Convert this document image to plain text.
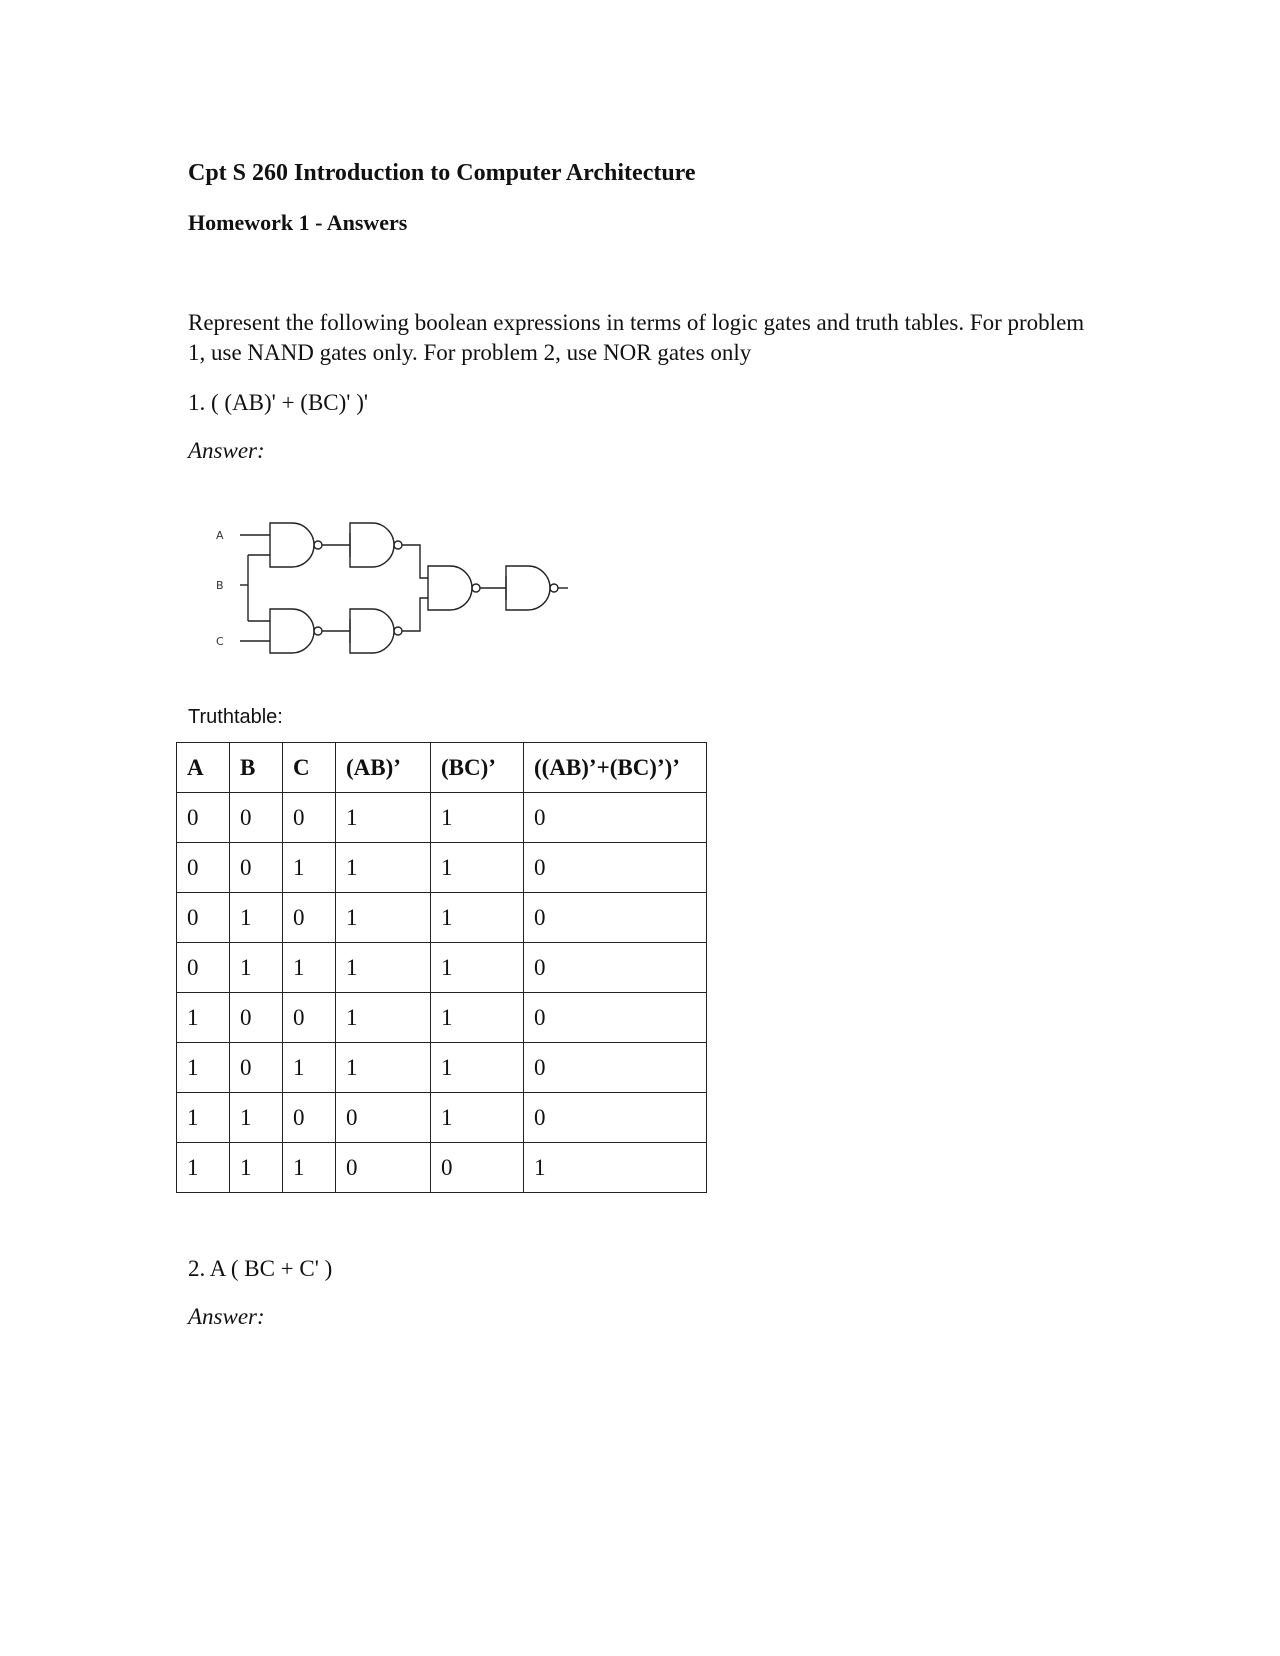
Cpt S 260 Introduction to Computer Architecture
Homework 1 - Answers
Represent the following boolean expressions in terms of logic gates and truth tables. For problem 1, use NAND gates only. For problem 2, use NOR gates only
1. ( (AB)' + (BC)' )'
Answer:
A
B
C
Truthtable:
A	B	C	(AB)’	(BC)’	((AB)’+(BC)’)’
0	0	0	1	1	0
0	0	1	1	1	0
0	1	0	1	1	0
0	1	1	1	1	0
1	0	0	1	1	0
1	0	1	1	1	0
1	1	0	0	1	0
1	1	1	0	0	1
2. A ( BC + C' )
Answer:
